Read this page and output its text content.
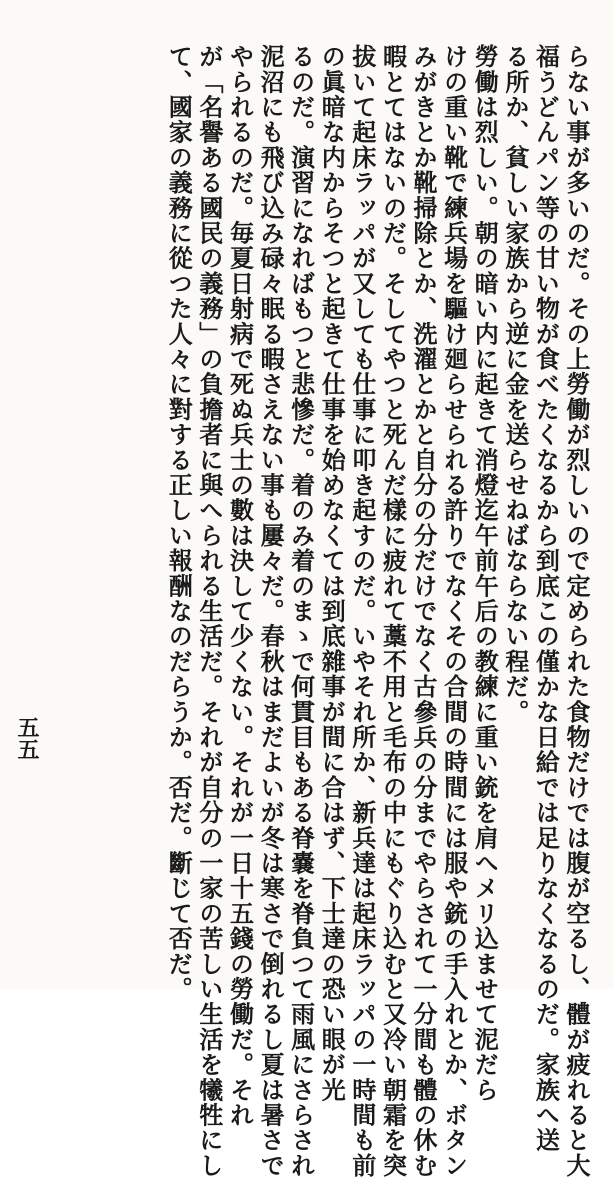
らない事が多いのだ。その上勞働が烈しいので定められた食物だけでは腹が空るし、體が疲れると大
福うどんパン等の甘い物が食べたくなるから到底この僅かな日給では足りなくなるのだ。家族へ送
る所か、貧しい家族から逆に金を送らせねばならない程だ。
勞働は烈しい。朝の暗い内に起きて消燈迄午前午后の教練に重い銃を肩へメリ込ませて泥だら
けの重い靴で練兵場を驅け廻らせられる許りでなくその合間の時間には服や銃の手入れとか、ボタン
みがきとか靴掃除とか、洗濯とかと自分の分だけでなく古參兵の分までやらされて一分間も體の休む
暇とてはないのだ。そしてやつと死んだ樣に疲れて藁不用と毛布の中にもぐり込むと又冷い朝霜を突
拔いて起床ラッパが又しても仕事に叩き起すのだ。いやそれ所か、新兵達は起床ラッパの一時間も前
の眞暗な内からそつと起きて仕事を始めなくては到底雜事が間に合はず、下士達の恐い眼が光
るのだ。演習になればもつと悲慘だ。着のみ着のまゝで何貫目もある脊嚢を脊負つて雨風にさらされ
泥沼にも飛び込み碌々眠る暇さえない事も屢々だ。春秋はまだよいが冬は寒さで倒れるし夏は暑さで
やられるのだ。毎夏日射病で死ぬ兵士の數は決して少くない。それが一日十五錢の勞働だ。それ
が「名譽ある國民の義務」の負擔者に與へられる生活だ。それが自分の一家の苦しい生活を犧牲にし
て、國家の義務に從つた人々に對する正しい報酬なのだらうか。否だ。斷じて否だ。
五五
